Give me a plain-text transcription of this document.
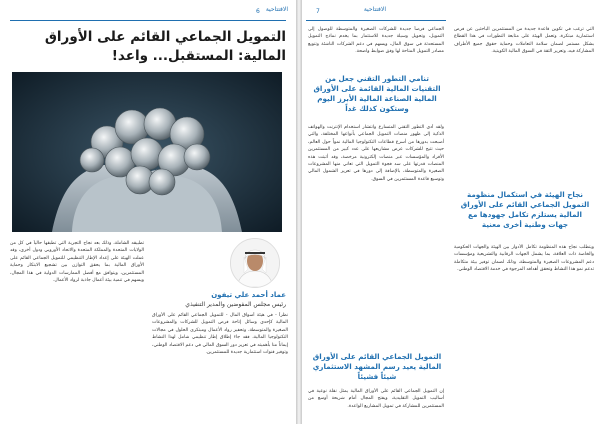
الافتتاحية
6
التمويل الجماعي القائم على الأوراق المالية: المستقبل... واعد!
عماد أحمد علي تيفون
رئيس مجلس المفوضين والمدير التنفيذي
نظراً - في هيئة أسواق المال - للتمويل الجماعي القائم على الأوراق المالية كإحدى وسائل إتاحة فرص التمويل للشركات والمشروعات الصغيرة والمتوسطة، وتحفيز رواد الأعمال ومبتكري الحلول في مجالات التكنولوجيا المالية، فقد جاء إطلاق إطار تنظيمي شامل لهذا النشاط إيماناً منا بأهميته في تعزيز دور السوق المالي في دعم الاقتصاد الوطني، وتوفير قنوات استثمارية جديدة للمستثمرين.
تطبيقه الشاملة، وذلك بعد نجاح التجربة التي تطبقها حالياً في كل من الولايات المتحدة والمملكة المتحدة والاتحاد الأوروبي ودول أخرى، وقد عملت الهيئة على إعداد الإطار التنظيمي للتمويل الجماعي القائم على الأوراق المالية بما يحقق التوازن بين تشجيع الابتكار وحماية المستثمرين، ويتوافق مع أفضل الممارسات الدولية في هذا المجال، ويسهم في تنمية بيئة أعمال جاذبة لرواد الأعمال.
الافتتاحية
7
الجماعي فرصاً جديدة للشركات الصغيرة والمتوسطة للوصول إلى التمويل، وتحويل وسيلة جديدة للاستثمار بما يخدم نماذج التمويل المستحدثة في سوق المال، ويسهم في دعم الشركات الناشئة وتنويع مصادر التمويل المتاحة لها وفق ضوابط واضحة.
تنامي التطور التقني جعل من التقنيات المالية القائمة على الأوراق المالية الصناعة المالية الأبرز اليوم وستكون كذلك غداً
ولقد أدى التطور التقني المتسارع وانتشار استخدام الإنترنت والهواتف الذكية إلى ظهور منصات التمويل الجماعي بأنواعها المختلفة، والتي أصبحت بدورها من أسرع قطاعات التكنولوجيا المالية نمواً حول العالم، حيث تتيح للشركات عرض مشاريعها على عدد كبير من المستثمرين الأفراد والمؤسسات عبر منصات إلكترونية مرخصة، وقد أثبتت هذه المنصات قدرتها على سد فجوة التمويل التي تعاني منها المشروعات الصغيرة والمتوسطة، بالإضافة إلى دورها في تعزيز الشمول المالي وتوسيع قاعدة المستثمرين في السوق.
التمويل الجماعي القائم على الأوراق المالية يعيد رسم المشهد الاستثماري شيئاً فشيئاً
إن التمويل الجماعي القائم على الأوراق المالية يمثل نقلة نوعية في أساليب التمويل التقليدية، ويفتح المجال أمام شريحة أوسع من المستثمرين للمشاركة في تمويل المشاريع الواعدة.
التي ترغب في تكوين قاعدة جديدة من المستثمرين الباحثين عن فرص استثمارية مبتكرة، وتعمل الهيئة على متابعة التطورات في هذا القطاع بشكل مستمر لضمان سلامة التعاملات وحماية حقوق جميع الأطراف المشاركة فيه، وتعزيز الثقة في السوق المالية الكويتية.
نجاح الهيئة في استكمال منظومة التمويل الجماعي القائم على الأوراق المالية يستلزم تكامل جهودها مع جهات وطنية أخرى معنية
ويتطلب نجاح هذه المنظومة تكامل الأدوار بين الهيئة والجهات الحكومية والخاصة ذات العلاقة، بما يشمل الجهات الرقابية والتشريعية ومؤسسات دعم المشروعات الصغيرة والمتوسطة، وذلك لضمان توفير بيئة متكاملة تدعم نمو هذا النشاط وتحقق أهدافه المرجوة في خدمة الاقتصاد الوطني.
